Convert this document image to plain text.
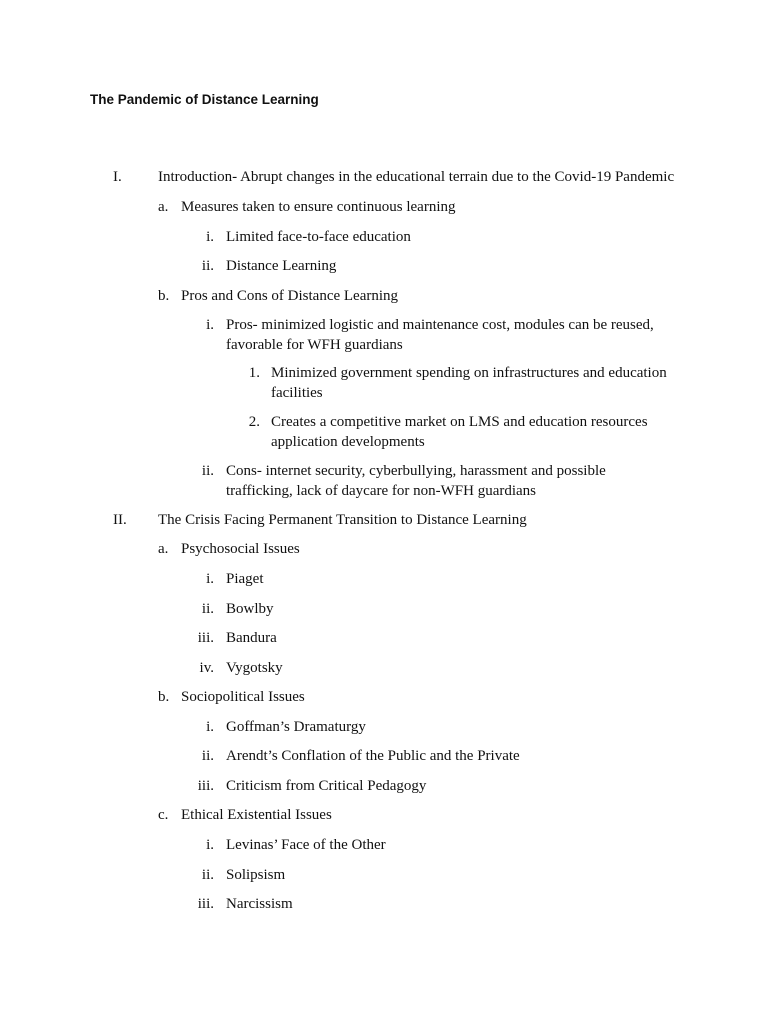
The Pandemic of Distance Learning
I. Introduction- Abrupt changes in the educational terrain due to the Covid-19 Pandemic
a. Measures taken to ensure continuous learning
i. Limited face-to-face education
ii. Distance Learning
b. Pros and Cons of Distance Learning
i. Pros- minimized logistic and maintenance cost, modules can be reused, favorable for WFH guardians
1. Minimized government spending on infrastructures and education facilities
2. Creates a competitive market on LMS and education resources application developments
ii. Cons- internet security, cyberbullying, harassment and possible trafficking, lack of daycare for non-WFH guardians
II. The Crisis Facing Permanent Transition to Distance Learning
a. Psychosocial Issues
i. Piaget
ii. Bowlby
iii. Bandura
iv. Vygotsky
b. Sociopolitical Issues
i. Goffman’s Dramaturgy
ii. Arendt’s Conflation of the Public and the Private
iii. Criticism from Critical Pedagogy
c. Ethical Existential Issues
i. Levinas’ Face of the Other
ii. Solipsism
iii. Narcissism
